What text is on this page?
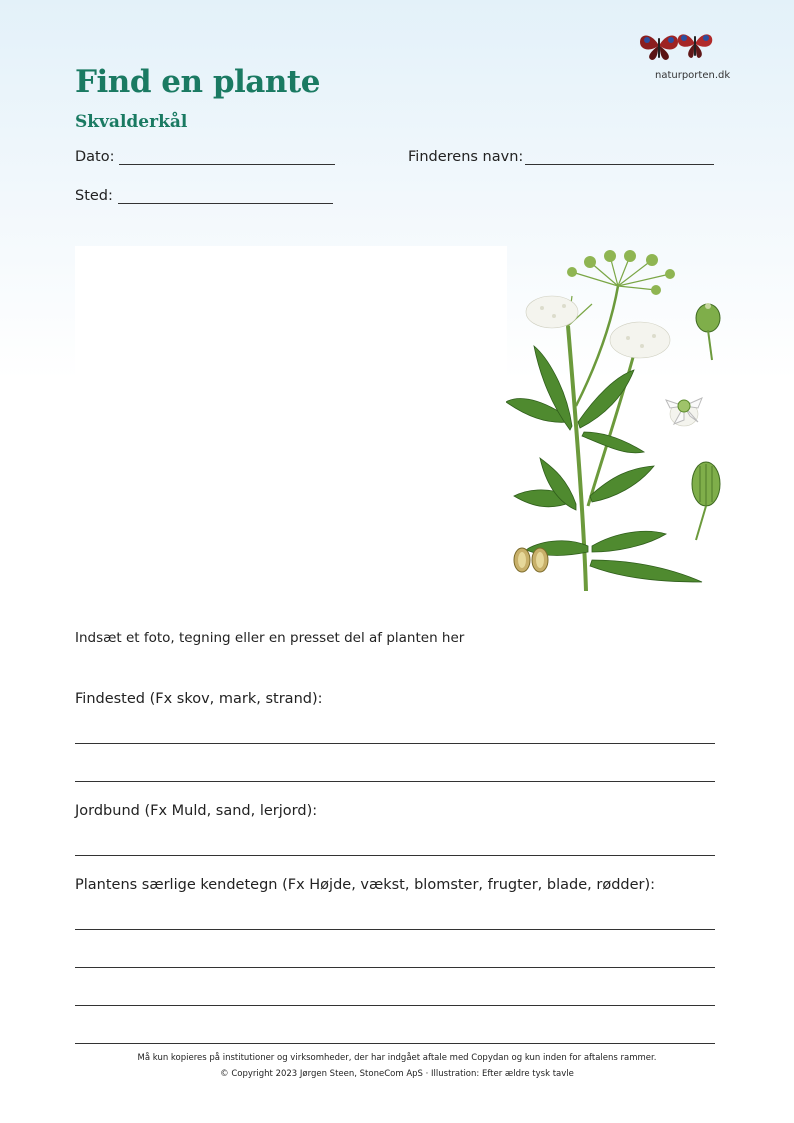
Find en plante
Skvalderkål
naturporten.dk
Dato:	Finderens navn:
Sted:
Indsæt et foto, tegning eller en presset del af planten her
Findested (Fx skov, mark, strand):
Jordbund (Fx Muld, sand, lerjord):
Plantens særlige kendetegn (Fx Højde, vækst, blomster, frugter, blade, rødder):
Må kun kopieres på institutioner og virksomheder, der har indgået aftale med Copydan og kun inden for aftalens rammer.
© Copyright 2023 Jørgen Steen, StoneCom ApS · Illustration: Efter ældre tysk tavle
